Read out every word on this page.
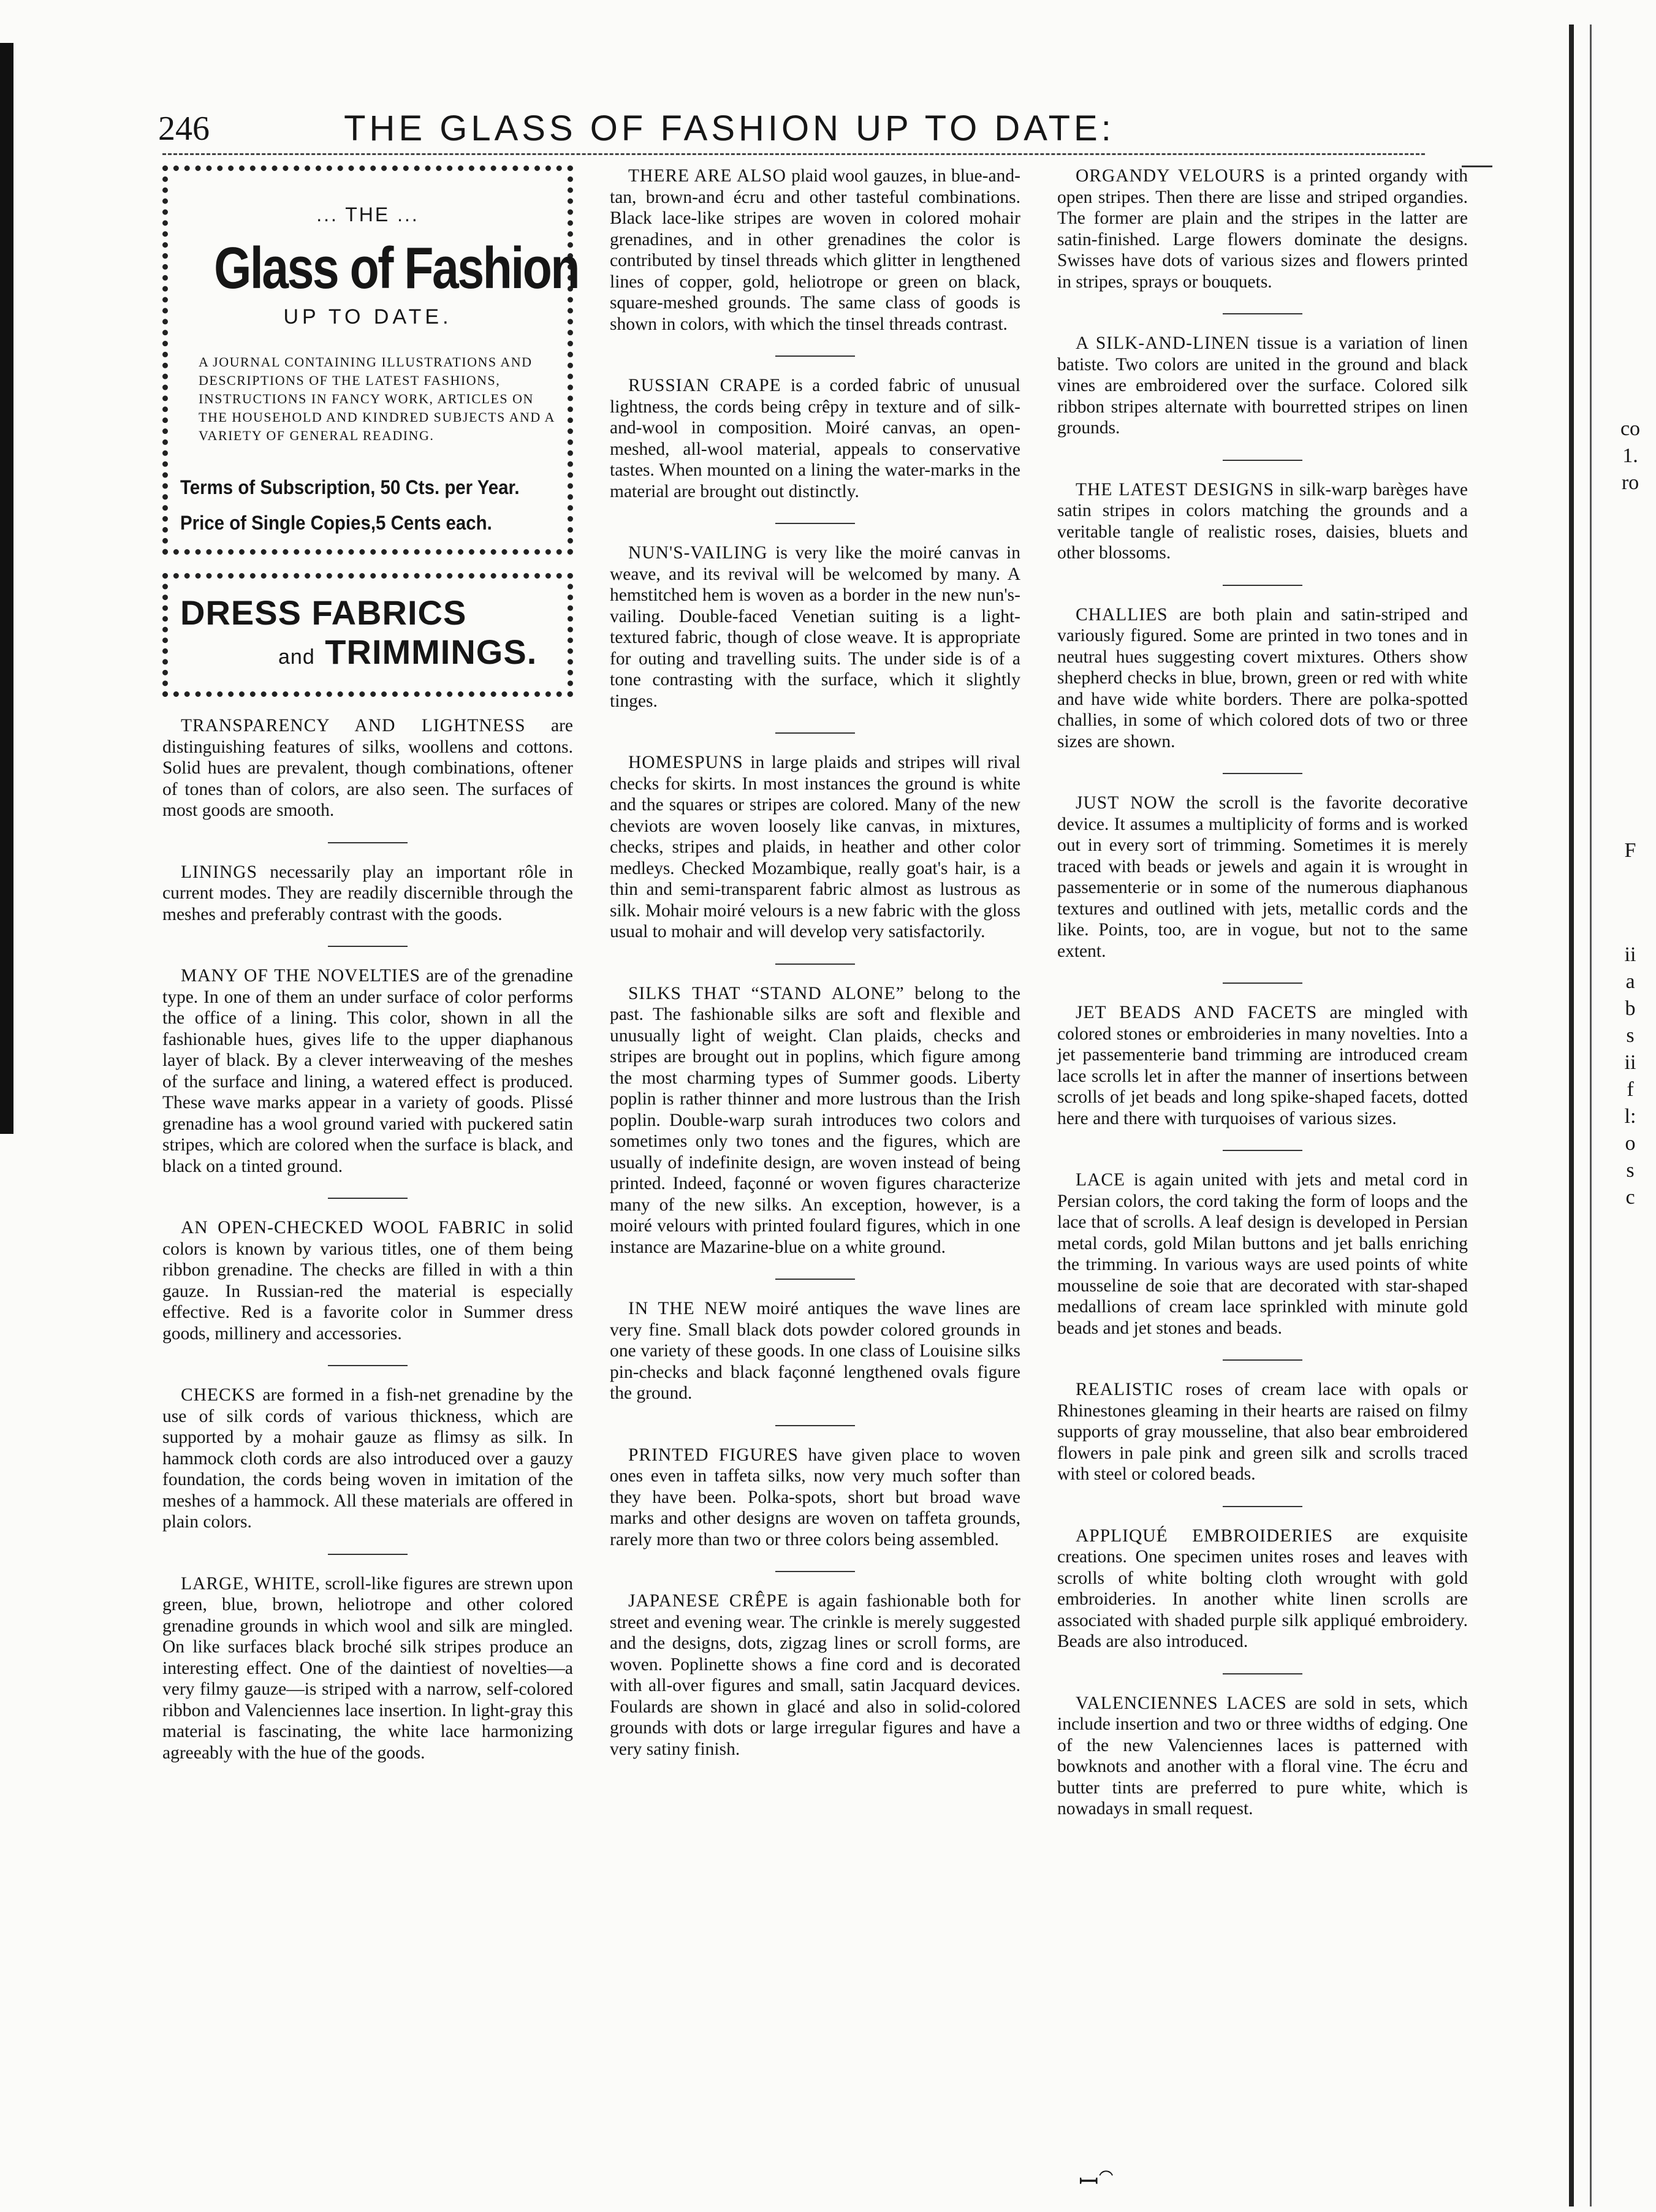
246	THE GLASS OF FASHION UP TO DATE:
... THE ...
Glass of Fashion
UP TO DATE.
A JOURNAL CONTAINING ILLUSTRATIONS AND DESCRIPTIONS OF THE LATEST FASHIONS, INSTRUCTIONS IN FANCY WORK, ARTICLES ON THE HOUSEHOLD AND KINDRED SUBJECTS AND A VARIETY OF GENERAL READING.
Terms of Subscription, 50 Cts. per Year.
Price of Single Copies, 5 Cents each.
DRESS FABRICS
and TRIMMINGS.

TRANSPARENCY AND LIGHTNESS are distinguishing features of silks, woollens and cottons. Solid hues are prevalent, though combinations, oftener of tones than of colors, are also seen. The surfaces of most goods are smooth.

LININGS necessarily play an important rôle in current modes. They are readily discernible through the meshes and preferably contrast with the goods.

MANY OF THE NOVELTIES are of the grenadine type. In one of them an under surface of color performs the office of a lining. This color, shown in all the fashionable hues, gives life to the upper diaphanous layer of black. By a clever interweaving of the meshes of the surface and lining, a watered effect is produced. These wave marks appear in a variety of goods. Plissé grenadine has a wool ground varied with puckered satin stripes, which are colored when the surface is black, and black on a tinted ground.

AN OPEN-CHECKED WOOL FABRIC in solid colors is known by various titles, one of them being ribbon grenadine. The checks are filled in with a thin gauze. In Russian-red the material is especially effective. Red is a favorite color in Summer dress goods, millinery and accessories.

CHECKS are formed in a fish-net grenadine by the use of silk cords of various thickness, which are supported by a mohair gauze as flimsy as silk. In hammock cloth cords are also introduced over a gauzy foundation, the cords being woven in imitation of the meshes of a hammock. All these materials are offered in plain colors.

LARGE, WHITE, scroll-like figures are strewn upon green, blue, brown, heliotrope and other colored grenadine grounds in which wool and silk are mingled. On like surfaces black broché silk stripes produce an interesting effect. One of the daintiest of novelties—a very filmy gauze—is striped with a narrow, self-colored ribbon and Valenciennes lace insertion. In light-gray this material is fascinating, the white lace harmonizing agreeably with the hue of the goods.

THERE ARE ALSO plaid wool gauzes, in blue-and-tan, brown-and écru and other tasteful combinations. Black lace-like stripes are woven in colored mohair grenadines, and in other grenadines the color is contributed by tinsel threads which glitter in lengthened lines of copper, gold, heliotrope or green on black, square-meshed grounds. The same class of goods is shown in colors, with which the tinsel threads contrast.

RUSSIAN CRAPE is a corded fabric of unusual lightness, the cords being crêpy in texture and of silk-and-wool in composition. Moiré canvas, an open-meshed, all-wool material, appeals to conservative tastes. When mounted on a lining the water-marks in the material are brought out distinctly.

NUN'S-VAILING is very like the moiré canvas in weave, and its revival will be welcomed by many. A hemstitched hem is woven as a border in the new nun's-vailing. Double-faced Venetian suiting is a light-textured fabric, though of close weave. It is appropriate for outing and travelling suits. The under side is of a tone contrasting with the surface, which it slightly tinges.

HOMESPUNS in large plaids and stripes will rival checks for skirts. In most instances the ground is white and the squares or stripes are colored. Many of the new cheviots are woven loosely like canvas, in mixtures, checks, stripes and plaids, in heather and other color medleys. Checked Mozambique, really goat's hair, is a thin and semi-transparent fabric almost as lustrous as silk. Mohair moiré velours is a new fabric with the gloss usual to mohair and will develop very satisfactorily.

SILKS THAT “STAND ALONE” belong to the past. The fashionable silks are soft and flexible and unusually light of weight. Clan plaids, checks and stripes are brought out in poplins, which figure among the most charming types of Summer goods. Liberty poplin is rather thinner and more lustrous than the Irish poplin. Double-warp surah introduces two colors and sometimes only two tones and the figures, which are usually of indefinite design, are woven instead of being printed. Indeed, façonné or woven figures characterize many of the new silks. An exception, however, is a moiré velours with printed foulard figures, which in one instance are Mazarine-blue on a white ground.

IN THE NEW moiré antiques the wave lines are very fine. Small black dots powder colored grounds in one variety of these goods. In one class of Louisine silks pin-checks and black façonné lengthened ovals figure the ground.

PRINTED FIGURES have given place to woven ones even in taffeta silks, now very much softer than they have been. Polka-spots, short but broad wave marks and other designs are woven on taffeta grounds, rarely more than two or three colors being assembled.

JAPANESE CRÊPE is again fashionable both for street and evening wear. The crinkle is merely suggested and the designs, dots, zigzag lines or scroll forms, are woven. Poplinette shows a fine cord and is decorated with all-over figures and small, satin Jacquard devices. Foulards are shown in glacé and also in solid-colored grounds with dots or large irregular figures and have a very satiny finish.

ORGANDY VELOURS is a printed organdy with open stripes. Then there are lisse and striped organdies. The former are plain and the stripes in the latter are satin-finished. Large flowers dominate the designs. Swisses have dots of various sizes and flowers printed in stripes, sprays or bouquets.

A SILK-AND-LINEN tissue is a variation of linen batiste. Two colors are united in the ground and black vines are embroidered over the surface. Colored silk ribbon stripes alternate with bourretted stripes on linen grounds.

THE LATEST DESIGNS in silk-warp barèges have satin stripes in colors matching the grounds and a veritable tangle of realistic roses, daisies, bluets and other blossoms.

CHALLIES are both plain and satin-striped and variously figured. Some are printed in two tones and in neutral hues suggesting covert mixtures. Others show shepherd checks in blue, brown, green or red with white and have wide white borders. There are polka-spotted challies, in some of which colored dots of two or three sizes are shown.

JUST NOW the scroll is the favorite decorative device. It assumes a multiplicity of forms and is worked out in every sort of trimming. Sometimes it is merely traced with beads or jewels and again it is wrought in passementerie or in some of the numerous diaphanous textures and outlined with jets, metallic cords and the like. Points, too, are in vogue, but not to the same extent.

JET BEADS AND FACETS are mingled with colored stones or embroideries in many novelties. Into a jet passementerie band trimming are introduced cream lace scrolls let in after the manner of insertions between scrolls of jet beads and long spike-shaped facets, dotted here and there with turquoises of various sizes.

LACE is again united with jets and metal cord in Persian colors, the cord taking the form of loops and the lace that of scrolls. A leaf design is developed in Persian metal cords, gold Milan buttons and jet balls enriching the trimming. In various ways are used points of white mousseline de soie that are decorated with star-shaped medallions of cream lace sprinkled with minute gold beads and jet stones and beads.

REALISTIC roses of cream lace with opals or Rhinestones gleaming in their hearts are raised on filmy supports of gray mousseline, that also bear embroidered flowers in pale pink and green silk and scrolls traced with steel or colored beads.

APPLIQUÉ EMBROIDERIES are exquisite creations. One specimen unites roses and leaves with scrolls of white bolting cloth wrought with gold embroideries. In another white linen scrolls are associated with shaded purple silk appliqué embroidery. Beads are also introduced.

VALENCIENNES LACES are sold in sets, which include insertion and two or three widths of edging. One of the new Valenciennes laces is patterned with bowknots and another with a floral vine. The écru and butter tints are preferred to pure white, which is nowadays in small request.

co
1.
ro
F
ii
a
b
s
ii
f
l:
o
s
c
ꟷ⁀
